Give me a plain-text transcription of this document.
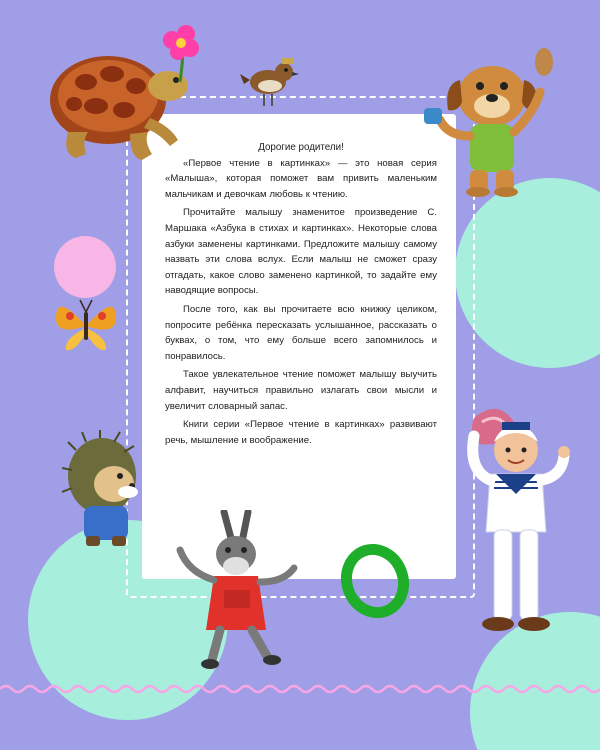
Дорогие родители!

«Первое чтение в картинках» — это новая серия «Малыша», которая поможет вам привить маленьким мальчикам и девочкам любовь к чтению.

Прочитайте малышу знаменитое произведение С. Маршака «Азбука в стихах и картинках». Некоторые слова азбуки заменены картинками. Предложите малышу самому назвать эти слова вслух. Если малыш не сможет сразу отгадать, какое слово заменено картинкой, то задайте ему наводящие вопросы.

После того, как вы прочитаете всю книжку целиком, попросите ребёнка пересказать услышанное, рассказать о буквах, о том, что ему больше всего запомнилось и понравилось.

Такое увлекательное чтение поможет малышу выучить алфавит, научиться правильно излагать свои мысли и увеличит словарный запас.

Книги серии «Первое чтение в картинках» развивают речь, мышление и воображение.
